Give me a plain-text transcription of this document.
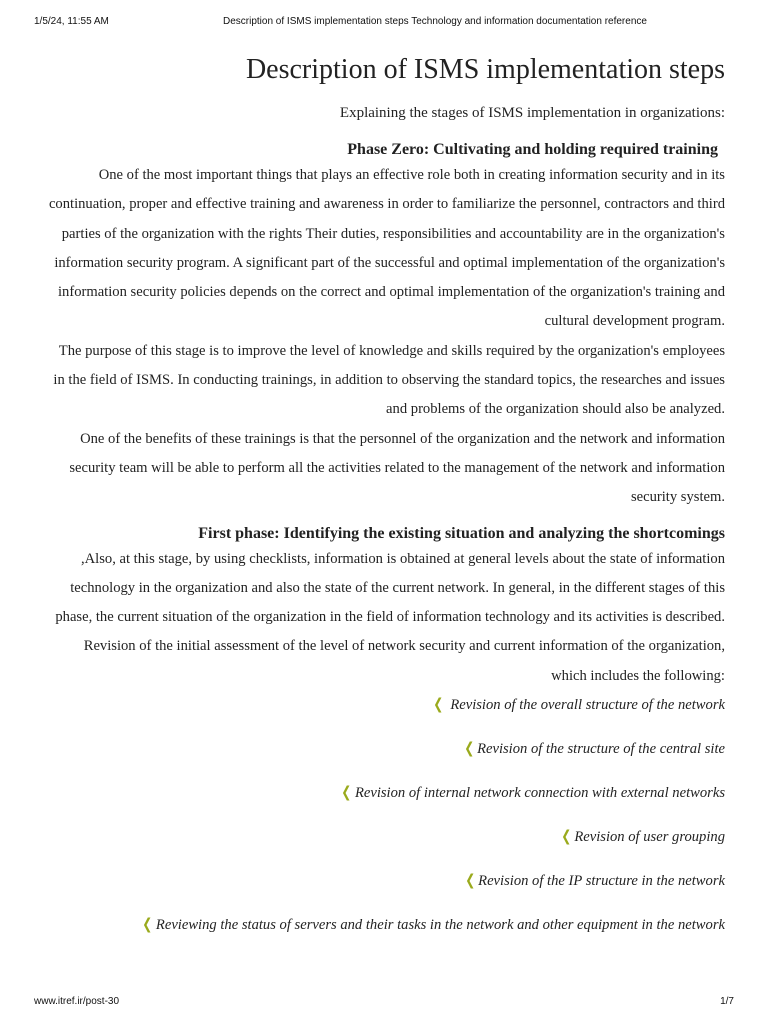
1/5/24, 11:55 AM	Description of ISMS implementation steps Technology and information documentation reference
Description of ISMS implementation steps
Explaining the stages of ISMS implementation in organizations:
Phase Zero: Cultivating and holding required training

One of the most important things that plays an effective role both in creating information security and in its continuation, proper and effective training and awareness in order to familiarize the personnel, contractors and third parties of the organization with the rights Their duties, responsibilities and accountability are in the organization's information security program. A significant part of the successful and optimal implementation of the organization's information security policies depends on the correct and optimal implementation of the organization's training and cultural development program.

The purpose of this stage is to improve the level of knowledge and skills required by the organization's employees in the field of ISMS. In conducting trainings, in addition to observing the standard topics, the researches and issues and problems of the organization should also be analyzed.

One of the benefits of these trainings is that the personnel of the organization and the network and information security team will be able to perform all the activities related to the management of the network and information security system.

First phase: Identifying the existing situation and analyzing the shortcomings

,Also, at this stage, by using checklists, information is obtained at general levels about the state of information technology in the organization and also the state of the current network. In general, in the different stages of this phase, the current situation of the organization in the field of information technology and its activities is described. Revision of the initial assessment of the level of network security and current information of the organization, which includes the following:

❮ Revision of the overall structure of the network
❮ Revision of the structure of the central site
❮ Revision of internal network connection with external networks
❮ Revision of user grouping
❮ Revision of the IP structure in the network
❮ Reviewing the status of servers and their tasks in the network and other equipment in the network
www.itref.ir/post-30	1/7
